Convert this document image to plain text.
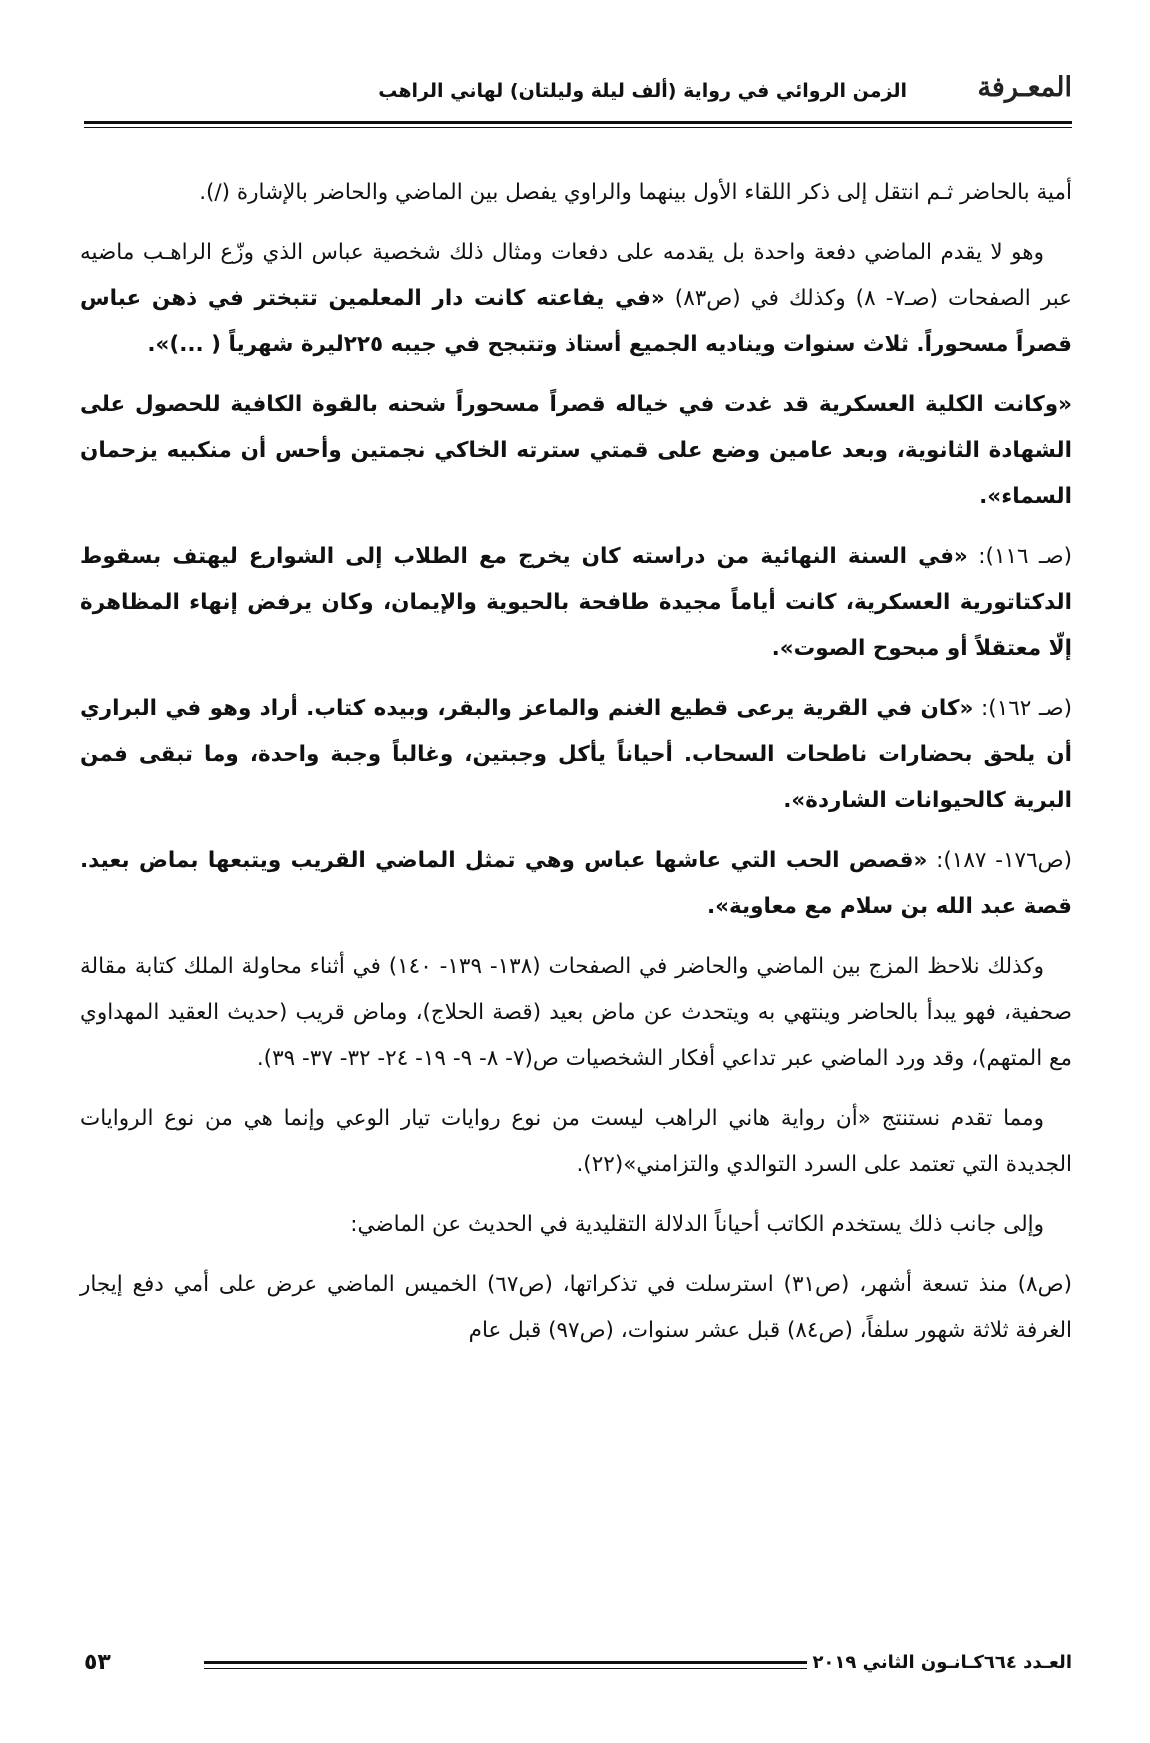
المعـرفة
الزمن الروائي في رواية (ألف ليلة وليلتان) لهاني الراهب

أمية بالحاضر ثـم انتقل إلى ذكر اللقاء الأول بينهما والراوي يفصل بين الماضي والحاضر بالإشارة (/).

وهو لا يقدم الماضي دفعة واحدة بل يقدمه على دفعات ومثال ذلك شخصية عباس الذي وزّع الراهـب ماضيه عبر الصفحات (صـ٧- ٨) وكذلك في (ص٨٣) «في يفاعته كانت دار المعلمين تتبختر في ذهن عباس قصراً مسحوراً. ثلاث سنوات ويناديه الجميع أستاذ وتتبجح في جيبه ٢٢٥ليرة شهرياً ( ...)».

«وكانت الكلية العسكرية قد غدت في خياله قصراً مسحوراً شحنه بالقوة الكافية للحصول على الشهادة الثانوية، وبعد عامين وضع على قمتي سترته الخاكي نجمتين وأحس أن منكبيه يزحمان السماء».

(صـ ١١٦): «في السنة النهائية من دراسته كان يخرج مع الطلاب إلى الشوارع ليهتف بسقوط الدكتاتورية العسكرية، كانت أياماً مجيدة طافحة بالحيوية والإيمان، وكان يرفض إنهاء المظاهرة إلّا معتقلاً أو مبحوح الصوت».

(صـ ١٦٢): «كان في القرية يرعى قطيع الغنم والماعز والبقر، وبيده كتاب. أراد وهو في البراري أن يلحق بحضارات ناطحات السحاب. أحياناً يأكل وجبتين، وغالباً وجبة واحدة، وما تبقى فمن البرية كالحيوانات الشاردة».

(ص١٧٦- ١٨٧): «قصص الحب التي عاشها عباس وهي تمثل الماضي القريب ويتبعها بماض بعيد. قصة عبد الله بن سلام مع معاوية».

وكذلك نلاحظ المزج بين الماضي والحاضر في الصفحات (١٣٨- ١٣٩- ١٤٠) في أثناء محاولة الملك كتابة مقالة صحفية، فهو يبدأ بالحاضر وينتهي به ويتحدث عن ماض بعيد (قصة الحلاج)، وماض قريب (حديث العقيد المهداوي مع المتهم)، وقد ورد الماضي عبر تداعي أفكار الشخصيات ص(٧- ٨- ٩- ١٩- ٢٤- ٣٢- ٣٧- ٣٩).

ومما تقدم نستنتج «أن رواية هاني الراهب ليست من نوع روايات تيار الوعي وإنما هي من نوع الروايات الجديدة التي تعتمد على السرد التوالدي والتزامني»(٢٢).

وإلى جانب ذلك يستخدم الكاتب أحياناً الدلالة التقليدية في الحديث عن الماضي:

(ص٨) منذ تسعة أشهر، (ص٣١) استرسلت في تذكراتها، (ص٦٧) الخميس الماضي عرض على أمي دفع إيجار الغرفة ثلاثة شهور سلفاً، (ص٨٤) قبل عشر سنوات، (ص٩٧) قبل عام

العـدد ٦٦٤كـانـون الثاني ٢٠١٩
٥٣
